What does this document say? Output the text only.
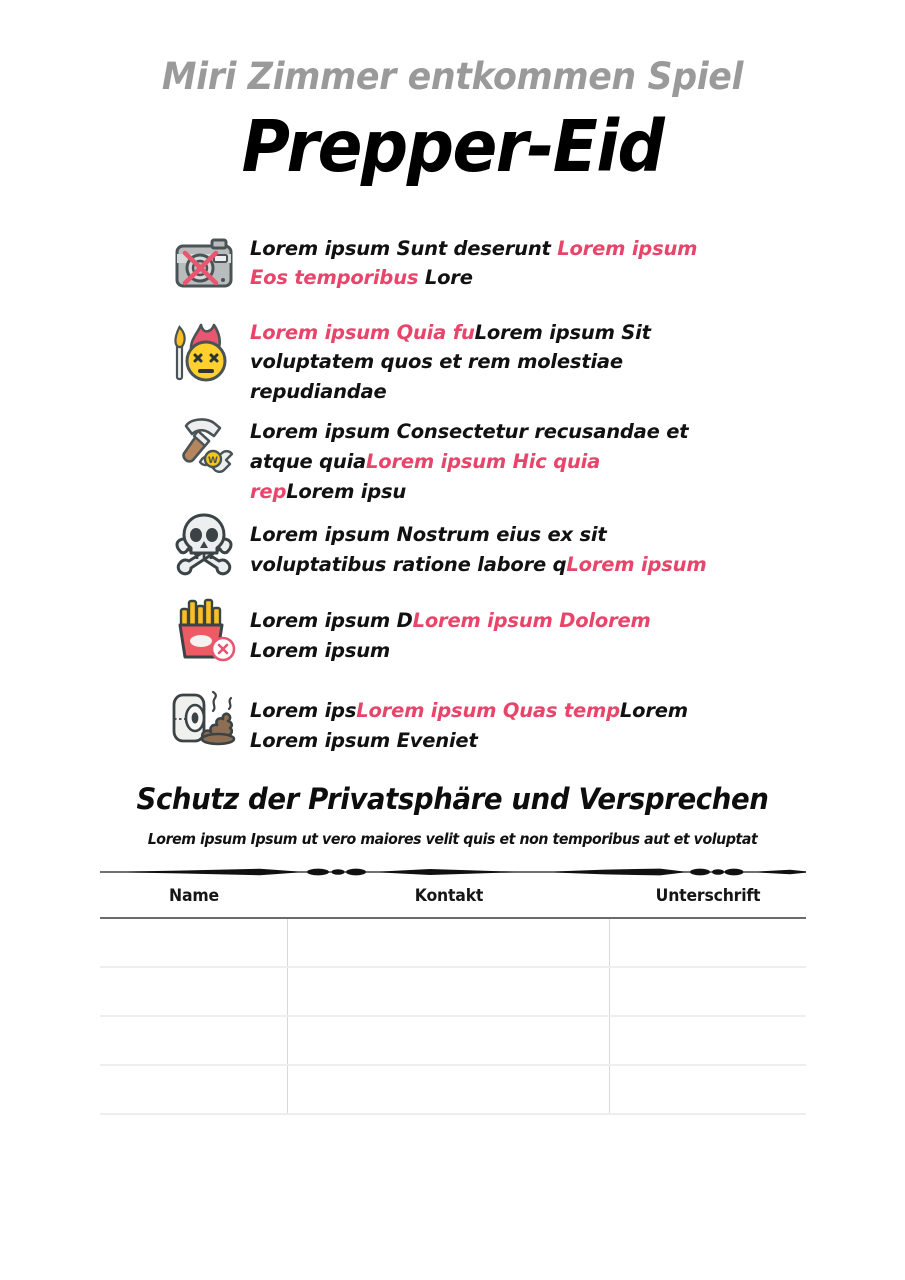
Miri Zimmer entkommen Spiel
Prepper-Eid
Lorem ipsum Sunt deserunt Lorem ipsum Eos temporibus Lore
Lorem ipsum Quia fuLorem ipsum Sit voluptatem quos et rem molestiae repudiandae
W
Lorem ipsum Consectetur recusandae et atque quiaLorem ipsum Hic quia repLorem ipsu
Lorem ipsum Nostrum eius ex sit voluptatibus ratione labore qLorem ipsum
Lorem ipsum DLorem ipsum Dolorem Lorem ipsum
Lorem ipsLorem ipsum Quas tempLorem Lorem ipsum Eveniet
Schutz der Privatsphäre und Versprechen
Lorem ipsum Ipsum ut vero maiores velit quis et non temporibus aut et voluptat
Name	Kontakt	Unterschrift
